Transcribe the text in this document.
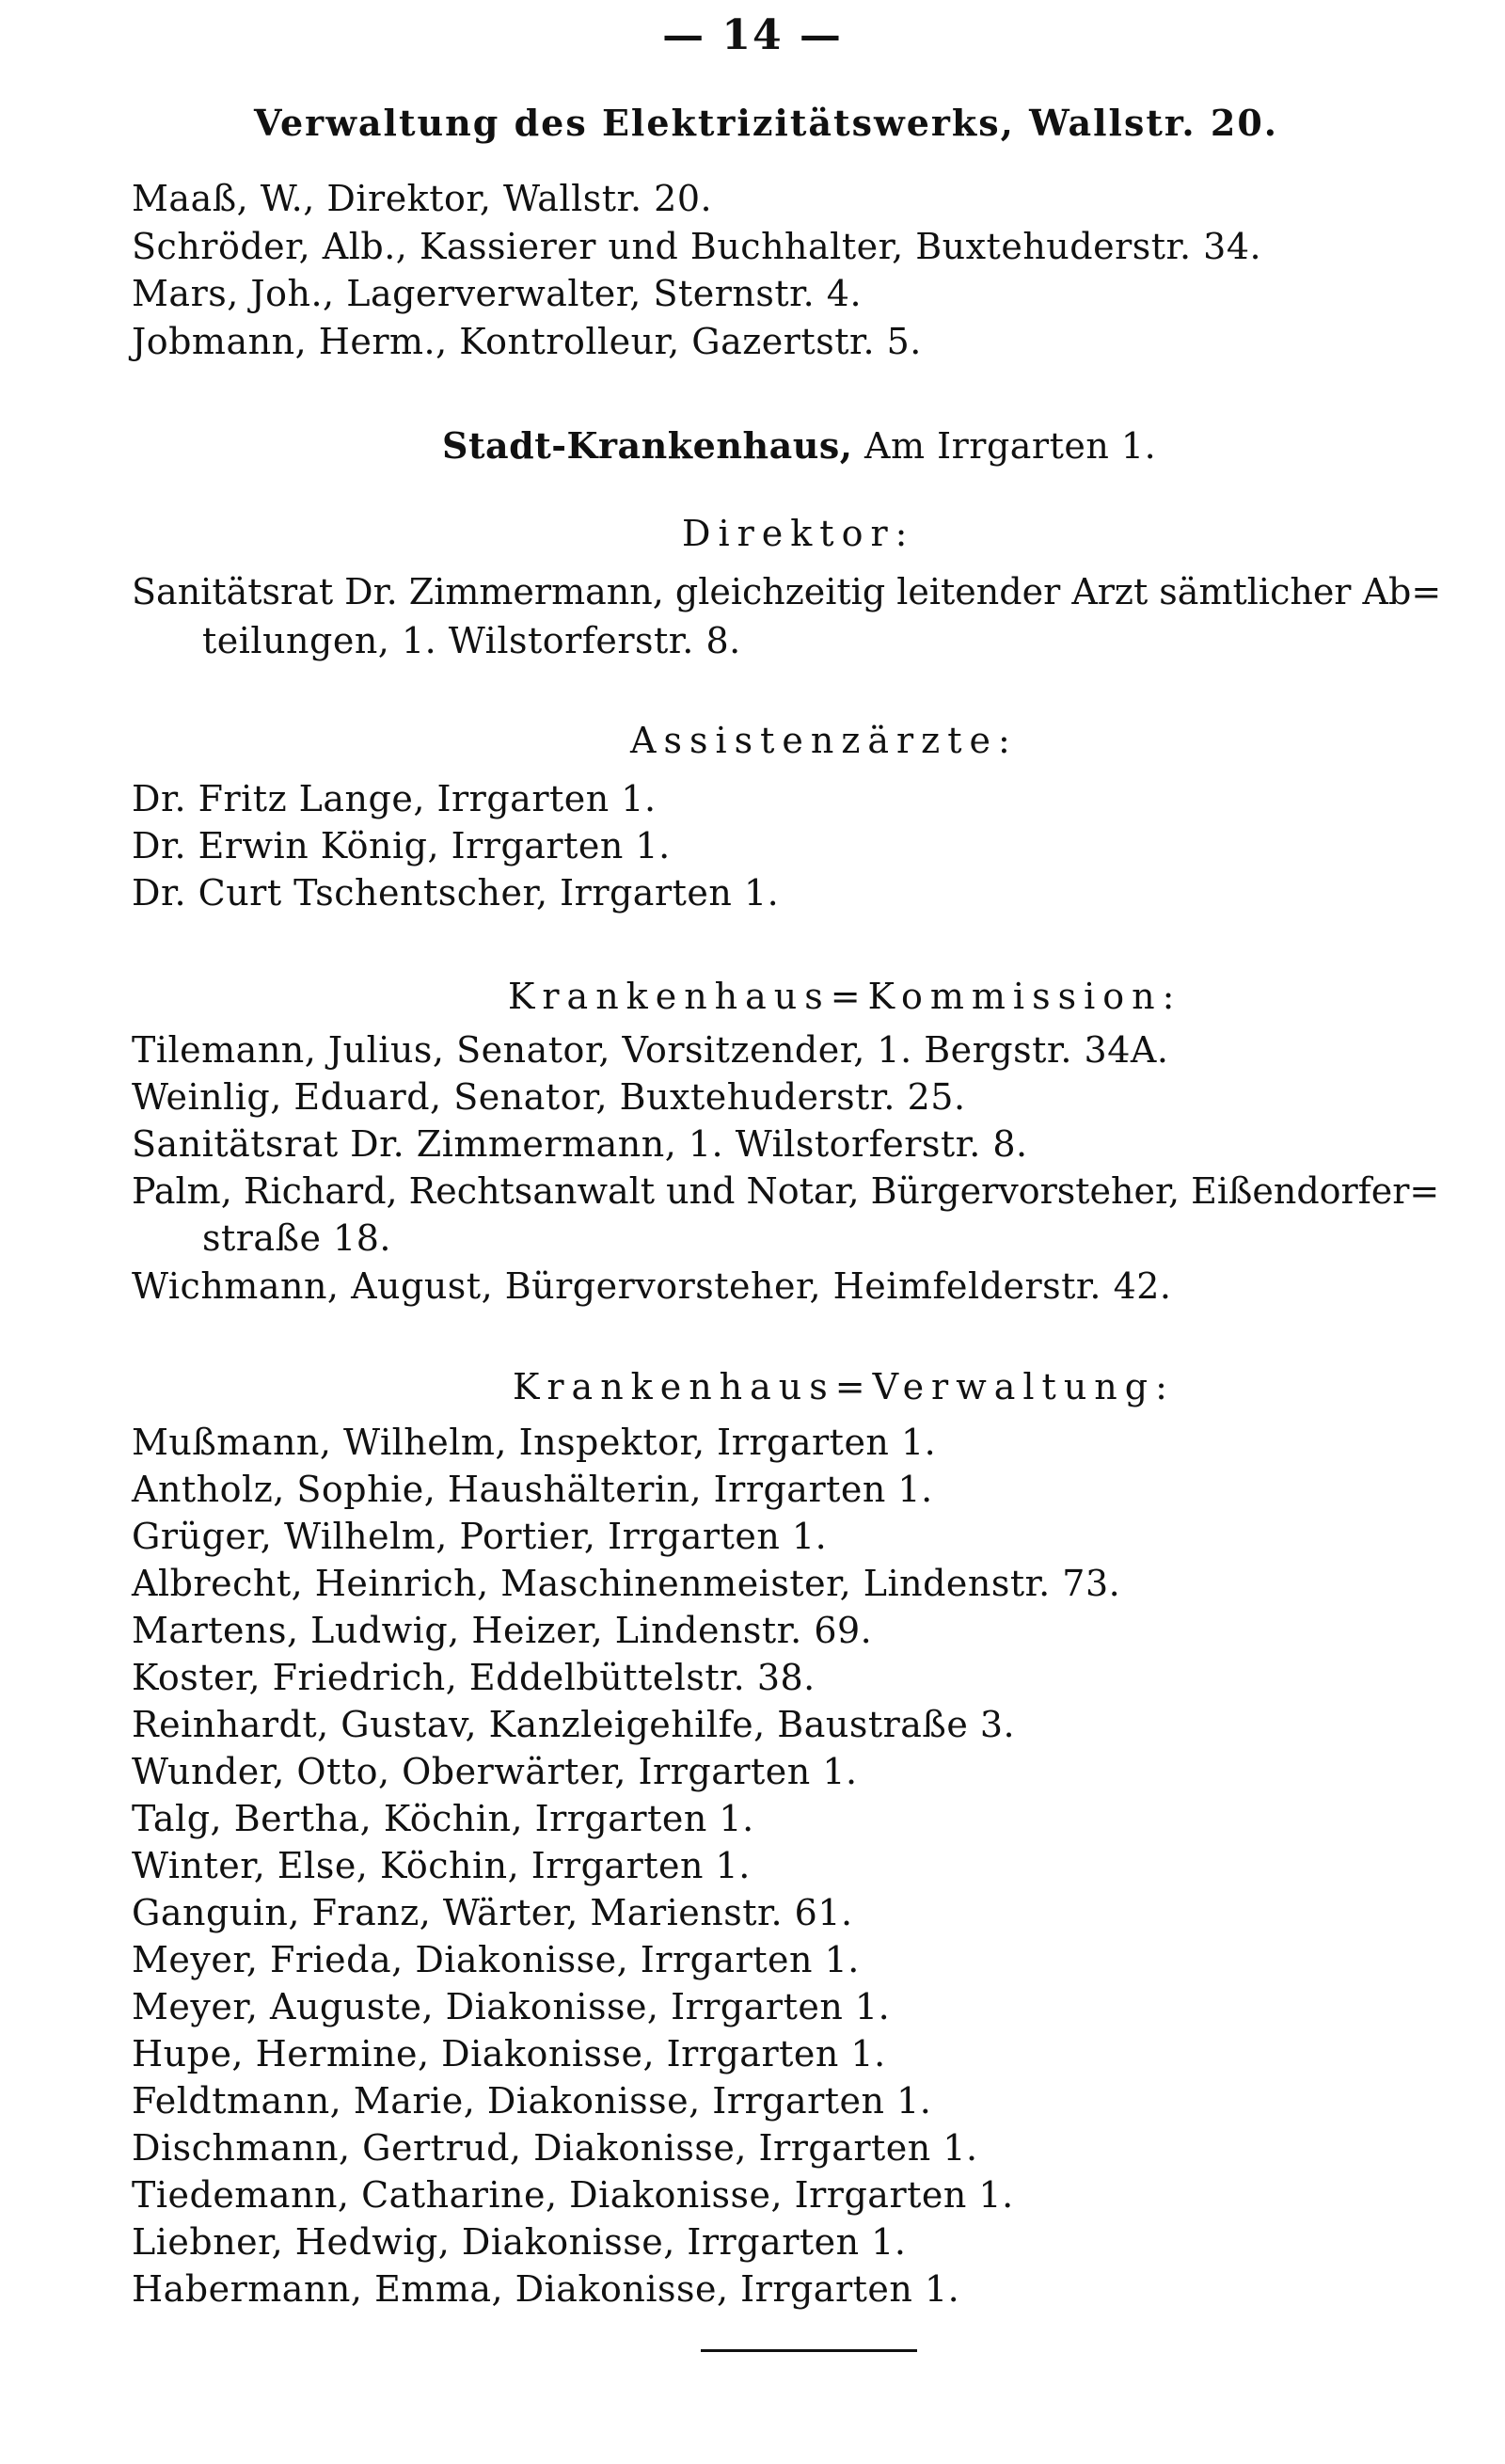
— 14 —
Verwaltung des Elektrizitätswerks, Wallstr. 20.
Maaß, W., Direktor, Wallstr. 20.
Schröder, Alb., Kassierer und Buchhalter, Buxtehuderstr. 34.
Mars, Joh., Lagerverwalter, Sternstr. 4.
Jobmann, Herm., Kontrolleur, Gazertstr. 5.
Stadt-Krankenhaus, Am Irrgarten 1.
Direktor:
Sanitätsrat Dr. Zimmermann, gleichzeitig leitender Arzt sämtlicher Ab=
teilungen, 1. Wilstorferstr. 8.
Assistenzärzte:
Dr. Fritz Lange, Irrgarten 1.
Dr. Erwin König, Irrgarten 1.
Dr. Curt Tschentscher, Irrgarten 1.
Krankenhaus=Kommission:
Tilemann, Julius, Senator, Vorsitzender, 1. Bergstr. 34A.
Weinlig, Eduard, Senator, Buxtehuderstr. 25.
Sanitätsrat Dr. Zimmermann, 1. Wilstorferstr. 8.
Palm, Richard, Rechtsanwalt und Notar, Bürgervorsteher, Eißendorfer=
straße 18.
Wichmann, August, Bürgervorsteher, Heimfelderstr. 42.
Krankenhaus=Verwaltung:
Mußmann, Wilhelm, Inspektor, Irrgarten 1.
Antholz, Sophie, Haushälterin, Irrgarten 1.
Grüger, Wilhelm, Portier, Irrgarten 1.
Albrecht, Heinrich, Maschinenmeister, Lindenstr. 73.
Martens, Ludwig, Heizer, Lindenstr. 69.
Koster, Friedrich, Eddelbüttelstr. 38.
Reinhardt, Gustav, Kanzleigehilfe, Baustraße 3.
Wunder, Otto, Oberwärter, Irrgarten 1.
Talg, Bertha, Köchin, Irrgarten 1.
Winter, Else, Köchin, Irrgarten 1.
Ganguin, Franz, Wärter, Marienstr. 61.
Meyer, Frieda, Diakonisse, Irrgarten 1.
Meyer, Auguste, Diakonisse, Irrgarten 1.
Hupe, Hermine, Diakonisse, Irrgarten 1.
Feldtmann, Marie, Diakonisse, Irrgarten 1.
Dischmann, Gertrud, Diakonisse, Irrgarten 1.
Tiedemann, Catharine, Diakonisse, Irrgarten 1.
Liebner, Hedwig, Diakonisse, Irrgarten 1.
Habermann, Emma, Diakonisse, Irrgarten 1.
